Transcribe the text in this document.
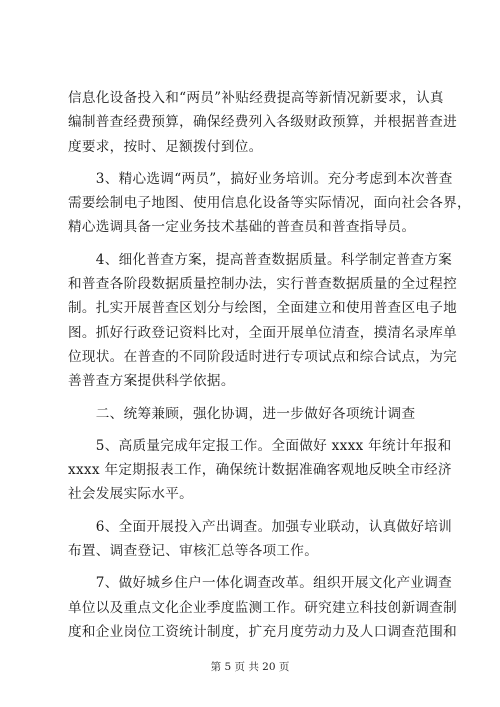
信息化设备投入和“两员”补贴经费提高等新情况新要求，认真
编制普查经费预算，确保经费列入各级财政预算，并根据普查进
度要求，按时、足额拨付到位。

　　3、精心选调“两员”，搞好业务培训。充分考虑到本次普查
需要绘制电子地图、使用信息化设备等实际情况，面向社会各界，
精心选调具备一定业务技术基础的普查员和普查指导员。

　　4、细化普查方案，提高普查数据质量。科学制定普查方案
和普查各阶段数据质量控制办法，实行普查数据质量的全过程控
制。扎实开展普查区划分与绘图，全面建立和使用普查区电子地
图。抓好行政登记资料比对，全面开展单位清查，摸清名录库单
位现状。在普查的不同阶段适时进行专项试点和综合试点，为完
善普查方案提供科学依据。

　　二、统筹兼顾，强化协调，进一步做好各项统计调查

　　5、高质量完成年定报工作。全面做好 xxxx 年统计年报和
xxxx 年定期报表工作，确保统计数据准确客观地反映全市经济
社会发展实际水平。

　　6、全面开展投入产出调查。加强专业联动，认真做好培训
布置、调查登记、审核汇总等各项工作。

　　7、做好城乡住户一体化调查改革。组织开展文化产业调查
单位以及重点文化企业季度监测工作。研究建立科技创新调查制
度和企业岗位工资统计制度，扩充月度劳动力及人口调查范围和

第 5 页 共 20 页
